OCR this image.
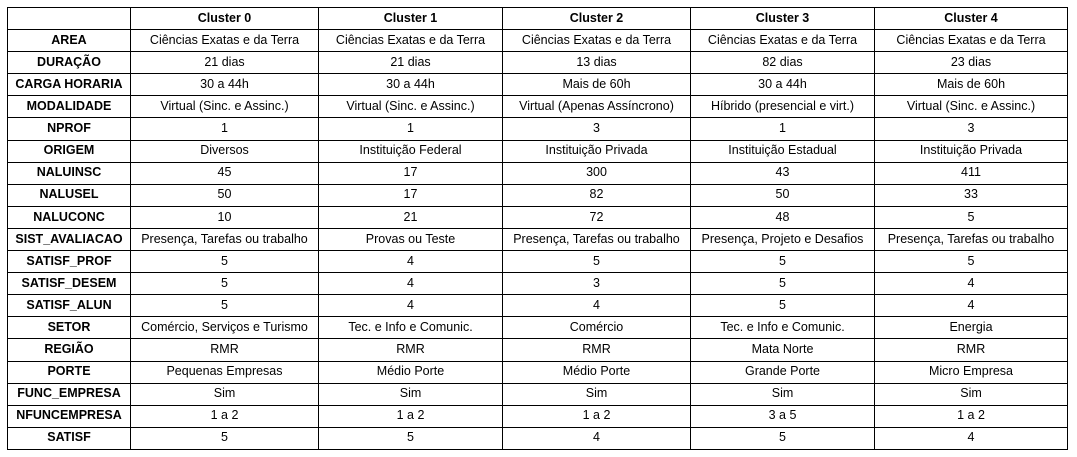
	Cluster 0	Cluster 1	Cluster 2	Cluster 3	Cluster 4
AREA	Ciências Exatas e da Terra	Ciências Exatas e da Terra	Ciências Exatas e da Terra	Ciências Exatas e da Terra	Ciências Exatas e da Terra
DURAÇÃO	21 dias	21 dias	13 dias	82 dias	23 dias
CARGA HORARIA	30 a 44h	30 a 44h	Mais de 60h	30 a 44h	Mais de 60h
MODALIDADE	Virtual (Sinc. e Assinc.)	Virtual (Sinc. e Assinc.)	Virtual (Apenas Assíncrono)	Híbrido (presencial e virt.)	Virtual (Sinc. e Assinc.)
NPROF	1	1	3	1	3
ORIGEM	Diversos	Instituição Federal	Instituição Privada	Instituição Estadual	Instituição Privada
NALUINSC	45	17	300	43	411
NALUSEL	50	17	82	50	33
NALUCONC	10	21	72	48	5
SIST_AVALIACAO	Presença, Tarefas ou trabalho	Provas ou Teste	Presença, Tarefas ou trabalho	Presença, Projeto e Desafios	Presença, Tarefas ou trabalho
SATISF_PROF	5	4	5	5	5
SATISF_DESEM	5	4	3	5	4
SATISF_ALUN	5	4	4	5	4
SETOR	Comércio, Serviços e Turismo	Tec. e Info e Comunic.	Comércio	Tec. e Info e Comunic.	Energia
REGIÃO	RMR	RMR	RMR	Mata Norte	RMR
PORTE	Pequenas Empresas	Médio Porte	Médio Porte	Grande Porte	Micro Empresa
FUNC_EMPRESA	Sim	Sim	Sim	Sim	Sim
NFUNCEMPRESA	1 a 2	1 a 2	1 a 2	3 a 5	1 a 2
SATISF	5	5	4	5	4
